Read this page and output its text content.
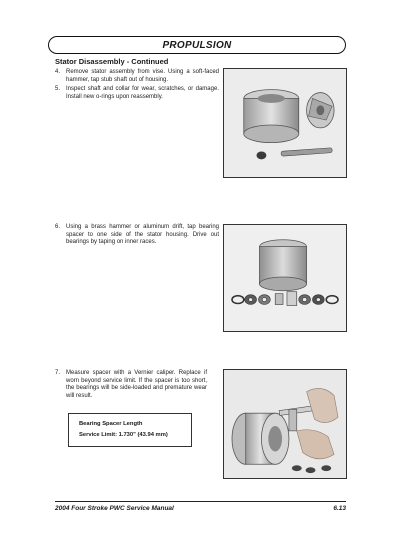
PROPULSION
Stator Disassembly - Continued
4. Remove stator assembly from vise. Using a soft-faced hammer, tap stub shaft out of housing.
5. Inspect shaft and collar for wear, scratches, or damage. Install new o-rings upon reassembly.
6. Using a brass hammer or aluminum drift, tap bearing spacer to one side of the stator housing. Drive out bearings by taping on inner races.
7. Measure spacer with a Vernier caliper. Replace if worn beyond service limit. If the spacer is too short, the bearings will be side-loaded and premature wear will result.
Bearing Spacer Length
Service Limit: 1.730" (43.94 mm)
2004 Four Stroke PWC Service Manual	6.13
